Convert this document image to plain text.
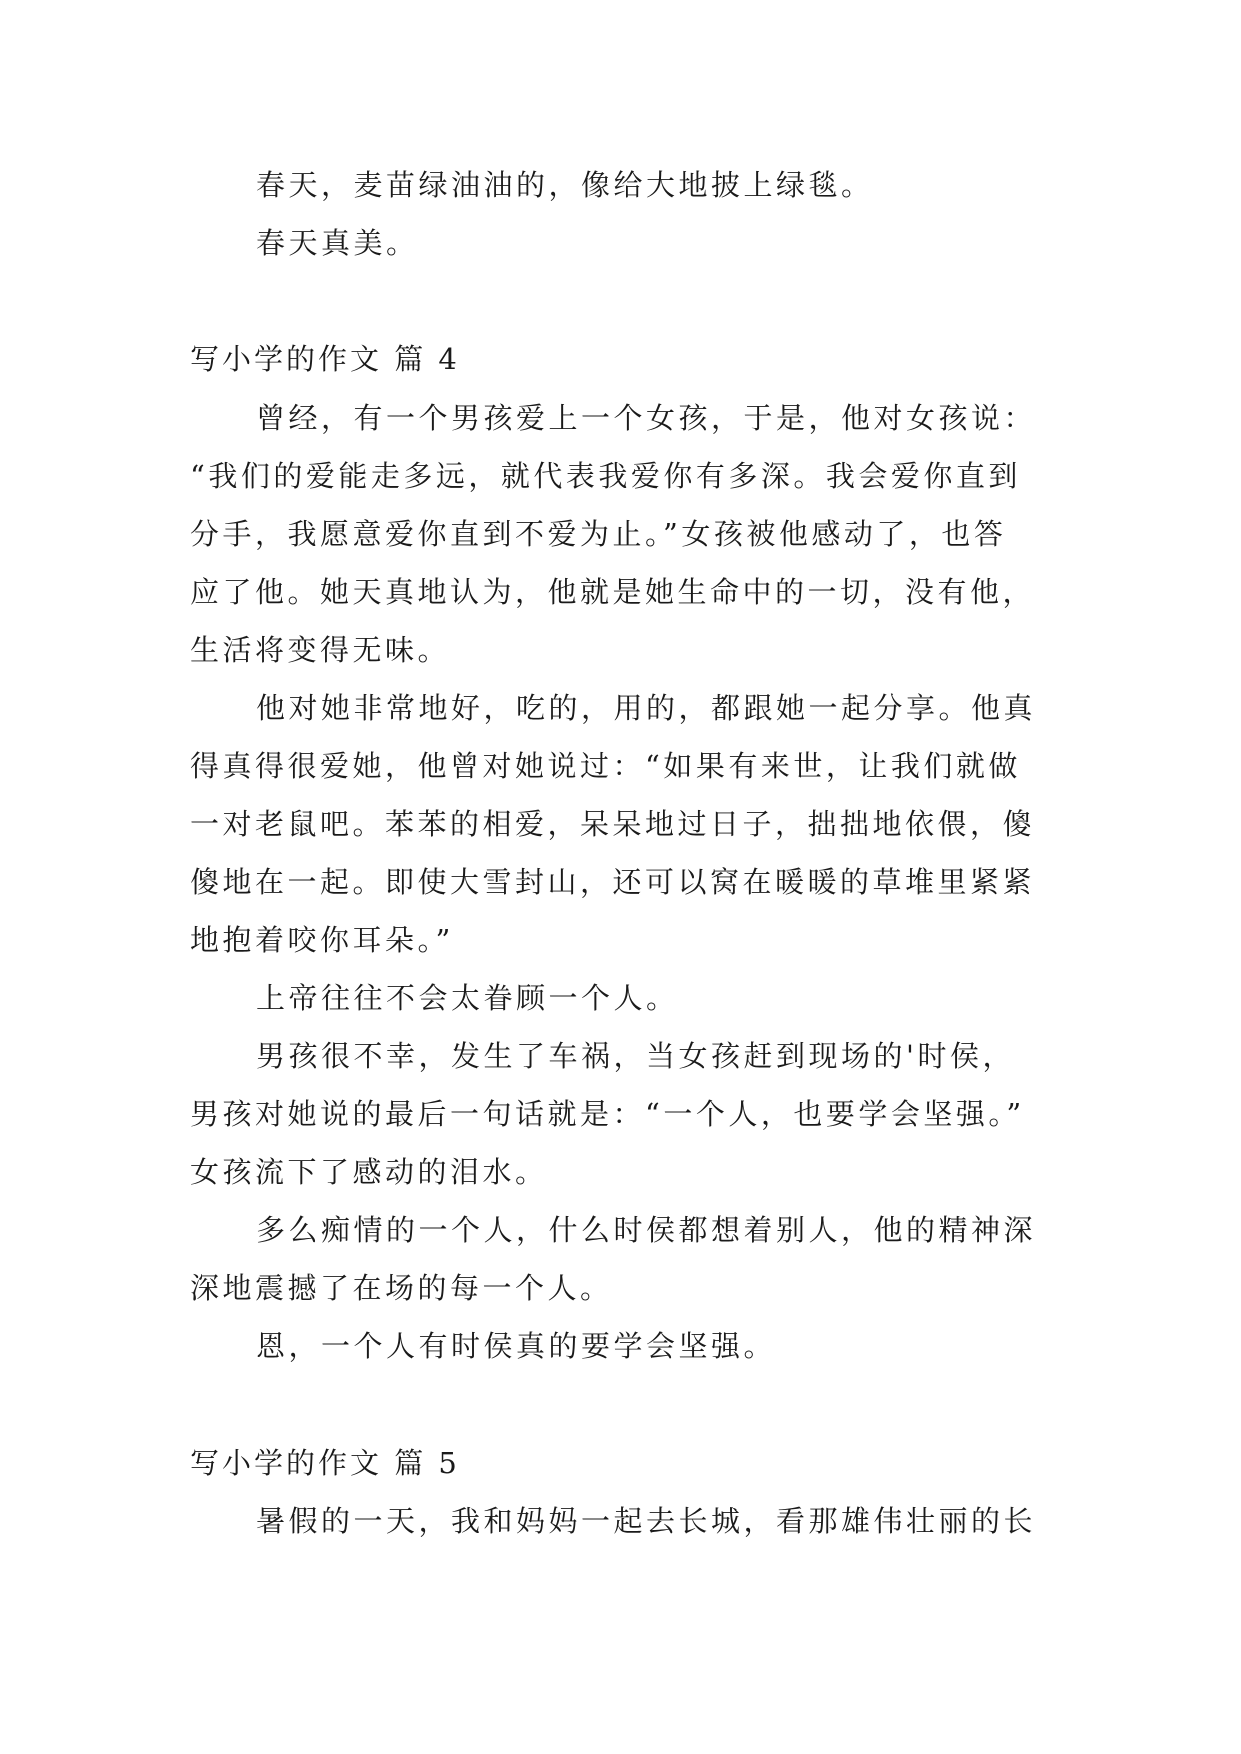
春天，麦苗绿油油的，像给大地披上绿毯。
春天真美。
写小学的作文 篇 4
曾经，有一个男孩爱上一个女孩，于是，他对女孩说：
“我们的爱能走多远，就代表我爱你有多深。我会爱你直到
分手，我愿意爱你直到不爱为止。”女孩被他感动了，也答
应了他。她天真地认为，他就是她生命中的一切，没有他，
生活将变得无味。
他对她非常地好，吃的，用的，都跟她一起分享。他真
得真得很爱她，他曾对她说过：“如果有来世，让我们就做
一对老鼠吧。苯苯的相爱，呆呆地过日子，拙拙地依偎，傻
傻地在一起。即使大雪封山，还可以窝在暖暖的草堆里紧紧
地抱着咬你耳朵。”
上帝往往不会太眷顾一个人。
男孩很不幸，发生了车祸，当女孩赶到现场的'时侯，
男孩对她说的最后一句话就是：“一个人，也要学会坚强。”
女孩流下了感动的泪水。
多么痴情的一个人，什么时侯都想着别人，他的精神深
深地震撼了在场的每一个人。
恩，一个人有时侯真的要学会坚强。
写小学的作文 篇 5
暑假的一天，我和妈妈一起去长城，看那雄伟壮丽的长
